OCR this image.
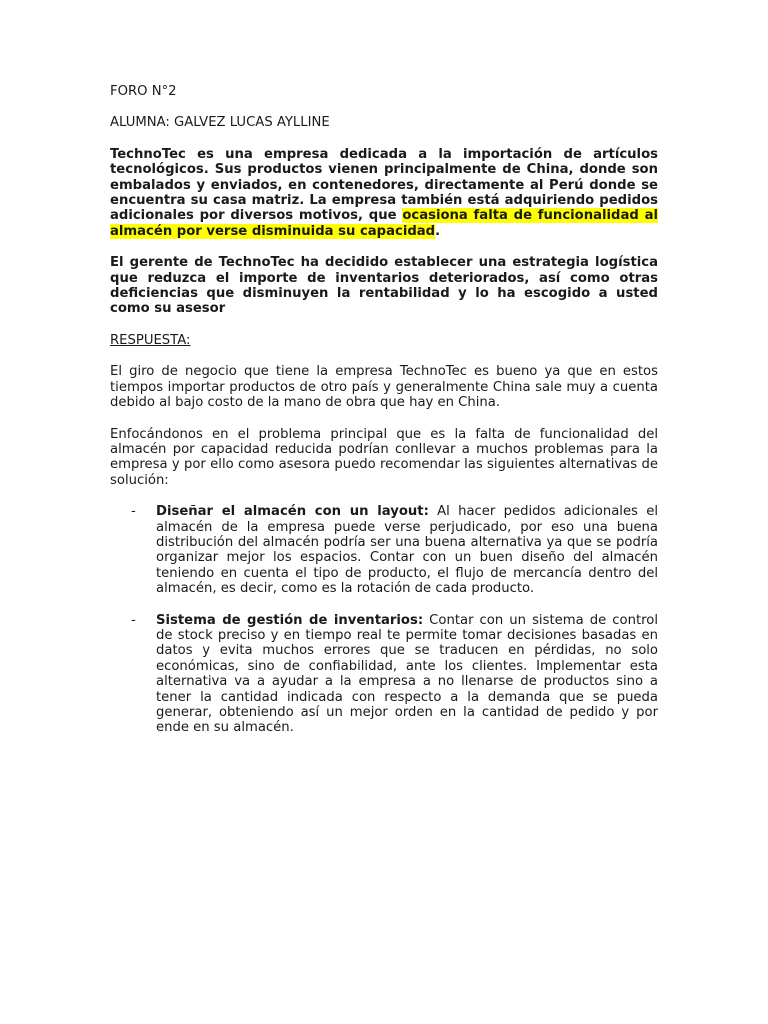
FORO N°2

ALUMNA: GALVEZ LUCAS AYLLINE

TechnoTec es una empresa dedicada a la importación de artículos tecnológicos. Sus productos vienen principalmente de China, donde son embalados y enviados, en contenedores, directamente al Perú donde se encuentra su casa matriz. La empresa también está adquiriendo pedidos adicionales por diversos motivos, que ocasiona falta de funcionalidad al almacén por verse disminuida su capacidad.

El gerente de TechnoTec ha decidido establecer una estrategia logística que reduzca el importe de inventarios deteriorados, así como otras deficiencias que disminuyen la rentabilidad y lo ha escogido a usted como su asesor

RESPUESTA:

El giro de negocio que tiene la empresa TechnoTec es bueno ya que en estos tiempos importar productos de otro país y generalmente China sale muy a cuenta debido al bajo costo de la mano de obra que hay en China.

Enfocándonos en el problema principal que es la falta de funcionalidad del almacén por capacidad reducida podrían conllevar a muchos problemas para la empresa y por ello como asesora puedo recomendar las siguientes alternativas de solución:

- Diseñar el almacén con un layout: Al hacer pedidos adicionales el almacén de la empresa puede verse perjudicado, por eso una buena distribución del almacén podría ser una buena alternativa ya que se podría organizar mejor los espacios. Contar con un buen diseño del almacén teniendo en cuenta el tipo de producto, el flujo de mercancía dentro del almacén, es decir, como es la rotación de cada producto.
- Sistema de gestión de inventarios: Contar con un sistema de control de stock preciso y en tiempo real te permite tomar decisiones basadas en datos y evita muchos errores que se traducen en pérdidas, no solo económicas, sino de confiabilidad, ante los clientes. Implementar esta alternativa va a ayudar a la empresa a no llenarse de productos sino a tener la cantidad indicada con respecto a la demanda que se pueda generar, obteniendo así un mejor orden en la cantidad de pedido y por ende en su almacén.
